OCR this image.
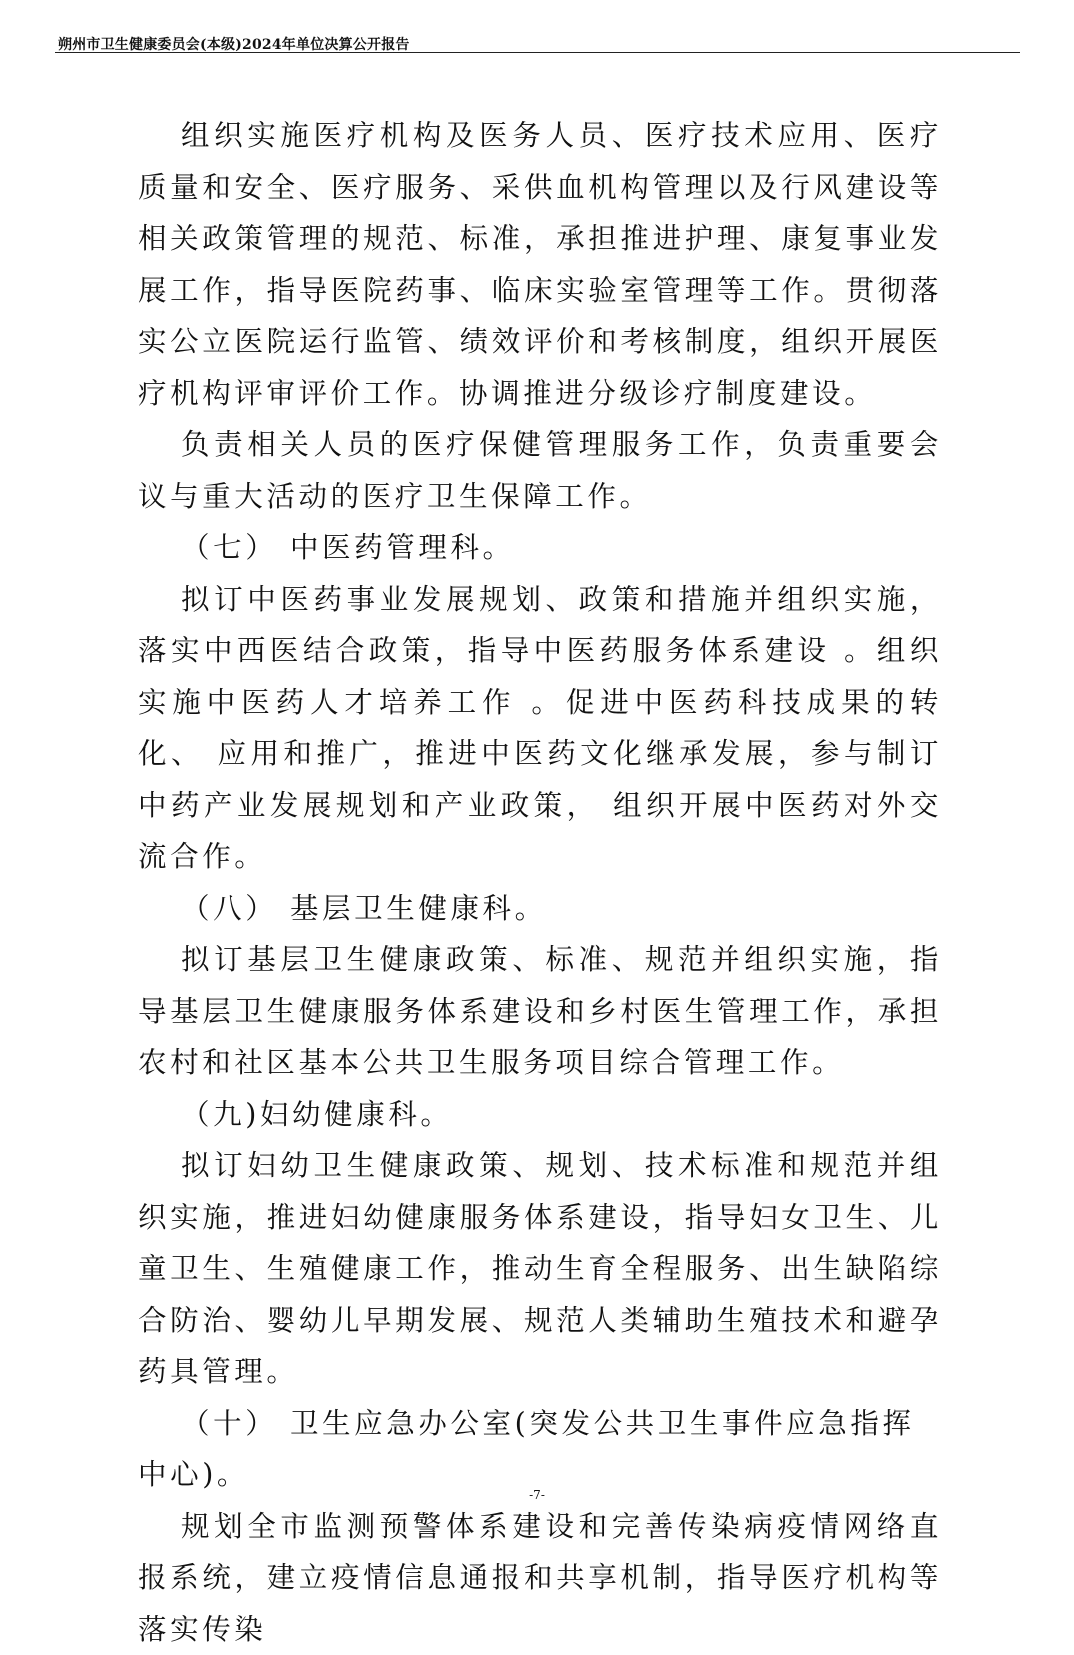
朔州市卫生健康委员会(本级)2024年单位决算公开报告

组织实施医疗机构及医务人员、医疗技术应用、医疗质量和安全、医疗服务、采供血机构管理以及行风建设等相关政策管理的规范、标准，承担推进护理、康复事业发展工作，指导医院药事、临床实验室管理等工作。贯彻落实公立医院运行监管、绩效评价和考核制度，组织开展医疗机构评审评价工作。协调推进分级诊疗制度建设。

负责相关人员的医疗保健管理服务工作，负责重要会议与重大活动的医疗卫生保障工作。

（七） 中医药管理科。

拟订中医药事业发展规划、政策和措施并组织实施，落实中西医结合政策，指导中医药服务体系建设 。组织实施中医药人才培养工作 。促进中医药科技成果的转化、 应用和推广，推进中医药文化继承发展，参与制订中药产业发展规划和产业政策， 组织开展中医药对外交流合作。

（八） 基层卫生健康科。

拟订基层卫生健康政策、标准、规范并组织实施，指导基层卫生健康服务体系建设和乡村医生管理工作，承担农村和社区基本公共卫生服务项目综合管理工作。

（九)妇幼健康科。

拟订妇幼卫生健康政策、规划、技术标准和规范并组织实施，推进妇幼健康服务体系建设，指导妇女卫生、儿童卫生、生殖健康工作，推动生育全程服务、出生缺陷综合防治、婴幼儿早期发展、规范人类辅助生殖技术和避孕药具管理。

（十） 卫生应急办公室(突发公共卫生事件应急指挥中心)。

规划全市监测预警体系建设和完善传染病疫情网络直报系统，建立疫情信息通报和共享机制，指导医疗机构等落实传染

-7-
